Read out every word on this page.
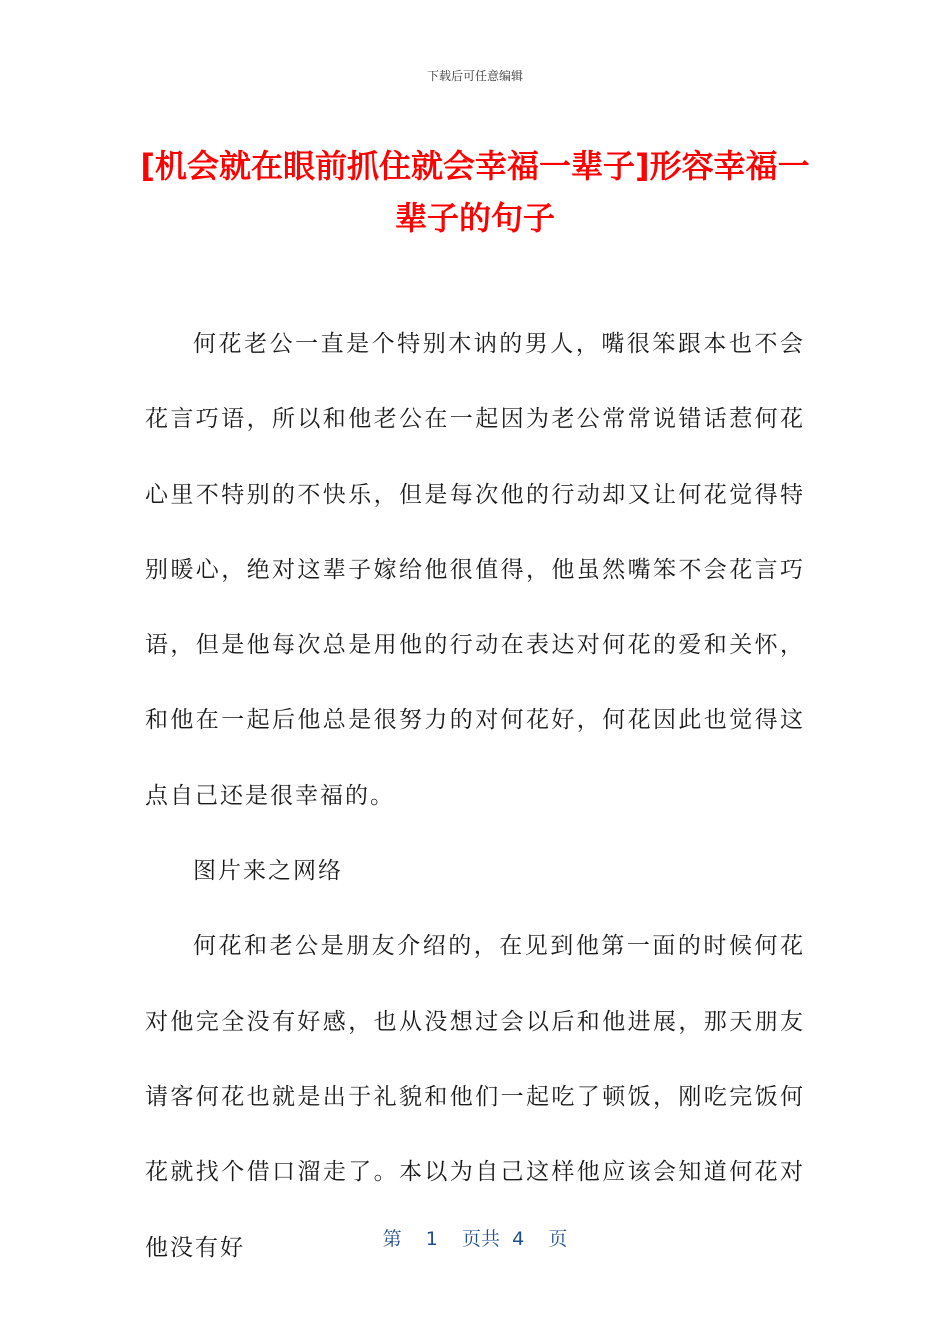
下载后可任意编辑
[机会就在眼前抓住就会幸福一辈子]形容幸福一辈子的句子

何花老公一直是个特别木讷的男人，嘴很笨跟本也不会花言巧语，所以和他老公在一起因为老公常常说错话惹何花心里不特别的不快乐，但是每次他的行动却又让何花觉得特别暖心，绝对这辈子嫁给他很值得，他虽然嘴笨不会花言巧语，但是他每次总是用他的行动在表达对何花的爱和关怀，和他在一起后他总是很努力的对何花好，何花因此也觉得这点自己还是很幸福的。

图片来之网络

何花和老公是朋友介绍的，在见到他第一面的时候何花对他完全没有好感，也从没想过会以后和他进展，那天朋友请客何花也就是出于礼貌和他们一起吃了顿饭，刚吃完饭何花就找个借口溜走了。本以为自己这样他应该会知道何花对他没有好	第 1 页共 4 页
